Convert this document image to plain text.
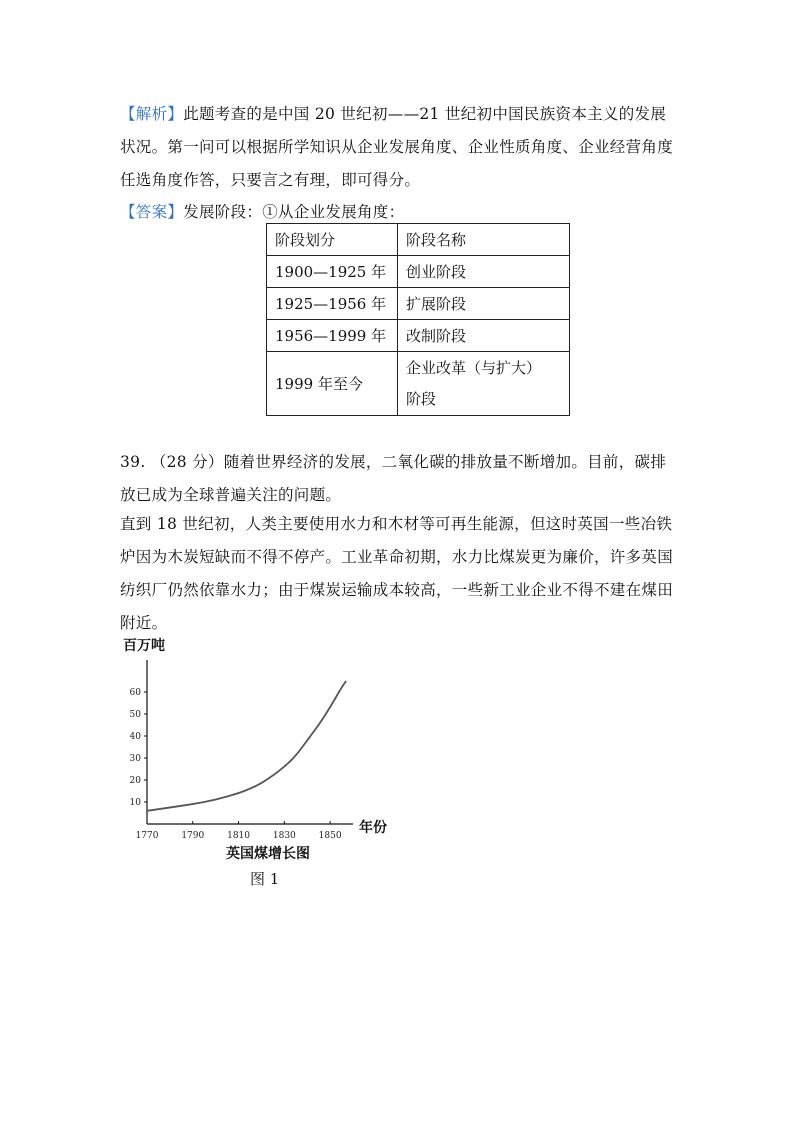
【解析】此题考查的是中国 20 世纪初——21 世纪初中国民族资本主义的发展状况。第一问可以根据所学知识从企业发展角度、企业性质角度、企业经营角度任选角度作答，只要言之有理，即可得分。
【答案】发展阶段：①从企业发展角度：
阶段划分	阶段名称
1900—1925 年	创业阶段
1925—1956 年	扩展阶段
1956—1999 年	改制阶段
1999 年至今	企业改革（与扩大）
阶段
39. （28 分）随着世界经济的发展，二氧化碳的排放量不断增加。目前，碳排放已成为全球普遍关注的问题。
直到 18 世纪初，人类主要使用水力和木材等可再生能源，但这时英国一些冶铁炉因为木炭短缺而不得不停产。工业革命初期，水力比煤炭更为廉价，许多英国纺织厂仍然依靠水力；由于煤炭运输成本较高，一些新工业企业不得不建在煤田附近。
10
20
30
40
50
60
1770	1790	1810	1830	1850
百万吨
年份
英国煤增长图
图 1
